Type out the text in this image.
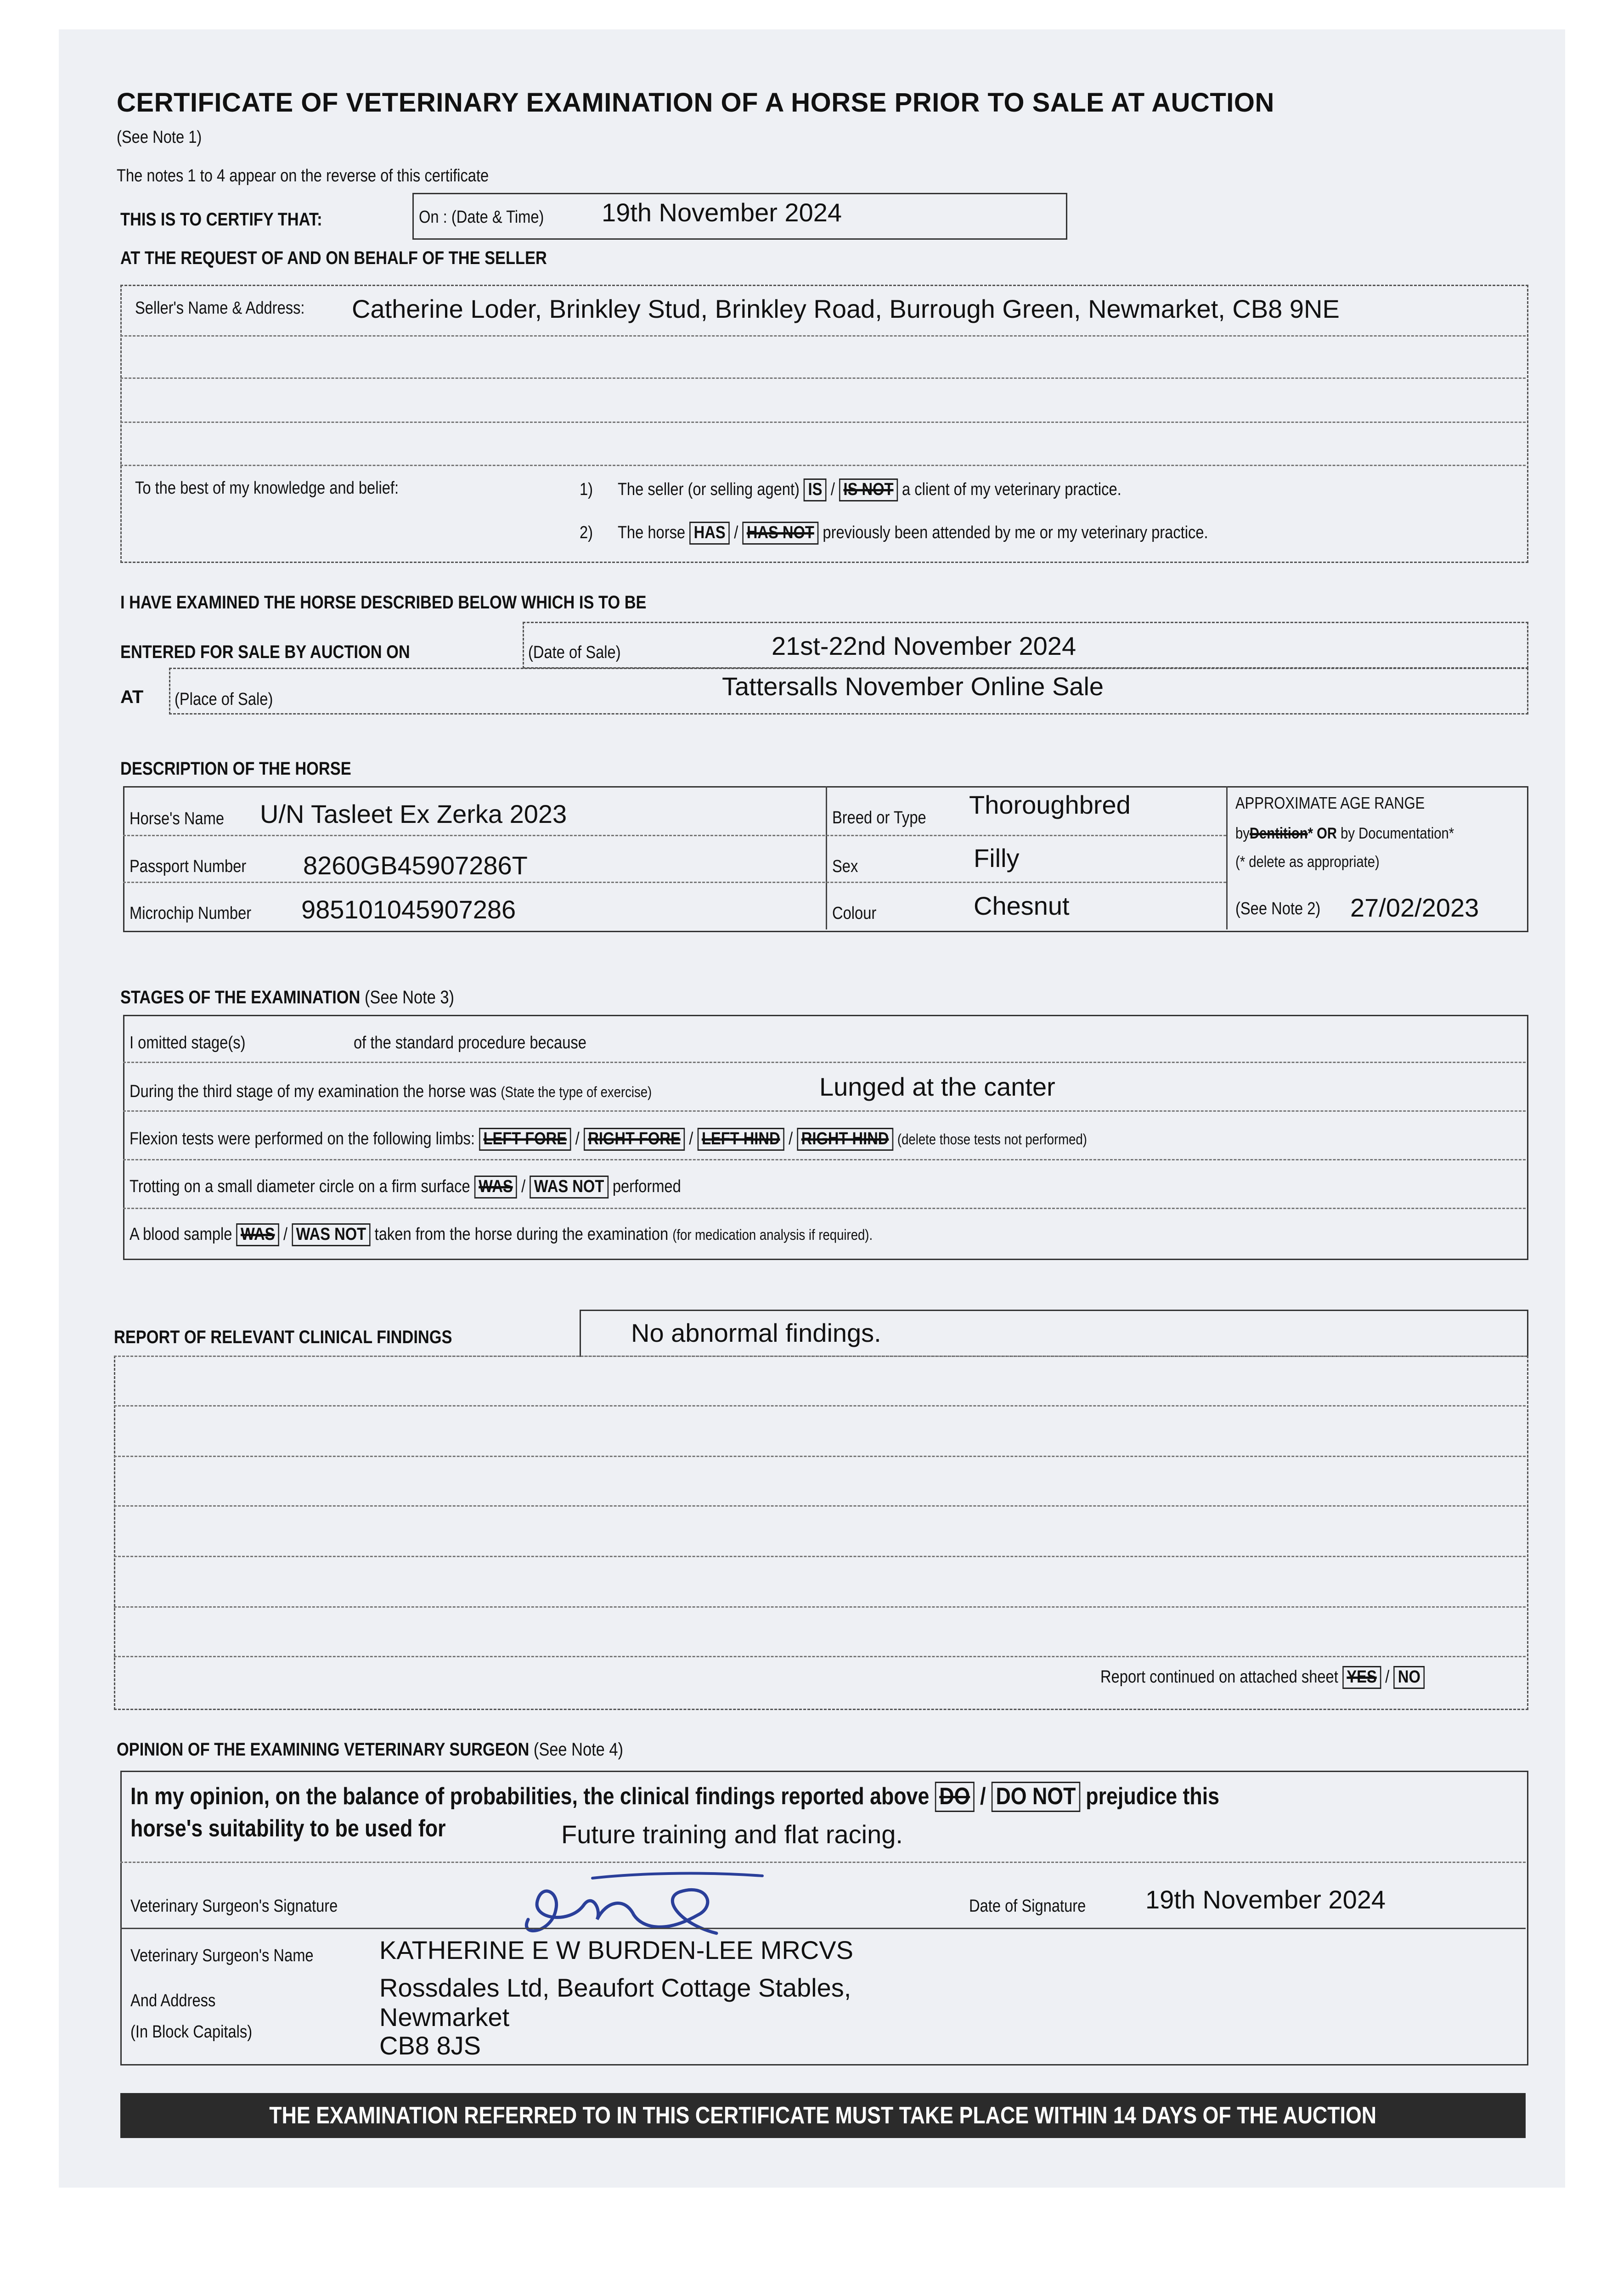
CERTIFICATE OF VETERINARY EXAMINATION OF A HORSE PRIOR TO SALE AT AUCTION
(See Note 1)
The notes 1 to 4 appear on the reverse of this certificate
THIS IS TO CERTIFY THAT:	On : (Date & Time) 19th November 2024
AT THE REQUEST OF AND ON BEHALF OF THE SELLER
Seller's Name & Address: Catherine Loder, Brinkley Stud, Brinkley Road, Burrough Green, Newmarket, CB8 9NE
To the best of my knowledge and belief:	1) The seller (or selling agent) IS / IS NOT a client of my veterinary practice.
2) The horse HAS / HAS NOT previously been attended by me or my veterinary practice.
I HAVE EXAMINED THE HORSE DESCRIBED BELOW WHICH IS TO BE
ENTERED FOR SALE BY AUCTION ON	(Date of Sale)	21st-22nd November 2024
AT (Place of Sale)	Tattersalls November Online Sale
DESCRIPTION OF THE HORSE
Horse's Name U/N Tasleet Ex Zerka 2023
Passport Number 8260GB45907286T
Microchip Number 985101045907286
Breed or Type Thoroughbred
Sex	Filly
Colour	Chesnut
APPROXIMATE AGE RANGE
byDentition* OR by Documentation*
(* delete as appropriate)
(See Note 2) 27/02/2023
STAGES OF THE EXAMINATION (See Note 3)
I omitted stage(s)	of the standard procedure because
During the third stage of my examination the horse was (State the type of exercise)	Lunged at the canter
Flexion tests were performed on the following limbs: LEFT FORE / RIGHT FORE / LEFT HIND / RIGHT HIND (delete those tests not performed)
Trotting on a small diameter circle on a firm surface WAS / WAS NOT performed
A blood sample WAS / WAS NOT taken from the horse during the examination (for medication analysis if required).
REPORT OF RELEVANT CLINICAL FINDINGS	No abnormal findings.
Report continued on attached sheet YES / NO
OPINION OF THE EXAMINING VETERINARY SURGEON (See Note 4)
In my opinion, on the balance of probabilities, the clinical findings reported above DO / DO NOT prejudice this
horse's suitability to be used for	Future training and flat racing.
Veterinary Surgeon's Signature	Date of Signature 19th November 2024
Veterinary Surgeon's Name	KATHERINE E W BURDEN-LEE MRCVS
And Address
(In Block Capitals)
Rossdales Ltd, Beaufort Cottage Stables,
Newmarket
CB8 8JS
THE EXAMINATION REFERRED TO IN THIS CERTIFICATE MUST TAKE PLACE WITHIN 14 DAYS OF THE AUCTION
